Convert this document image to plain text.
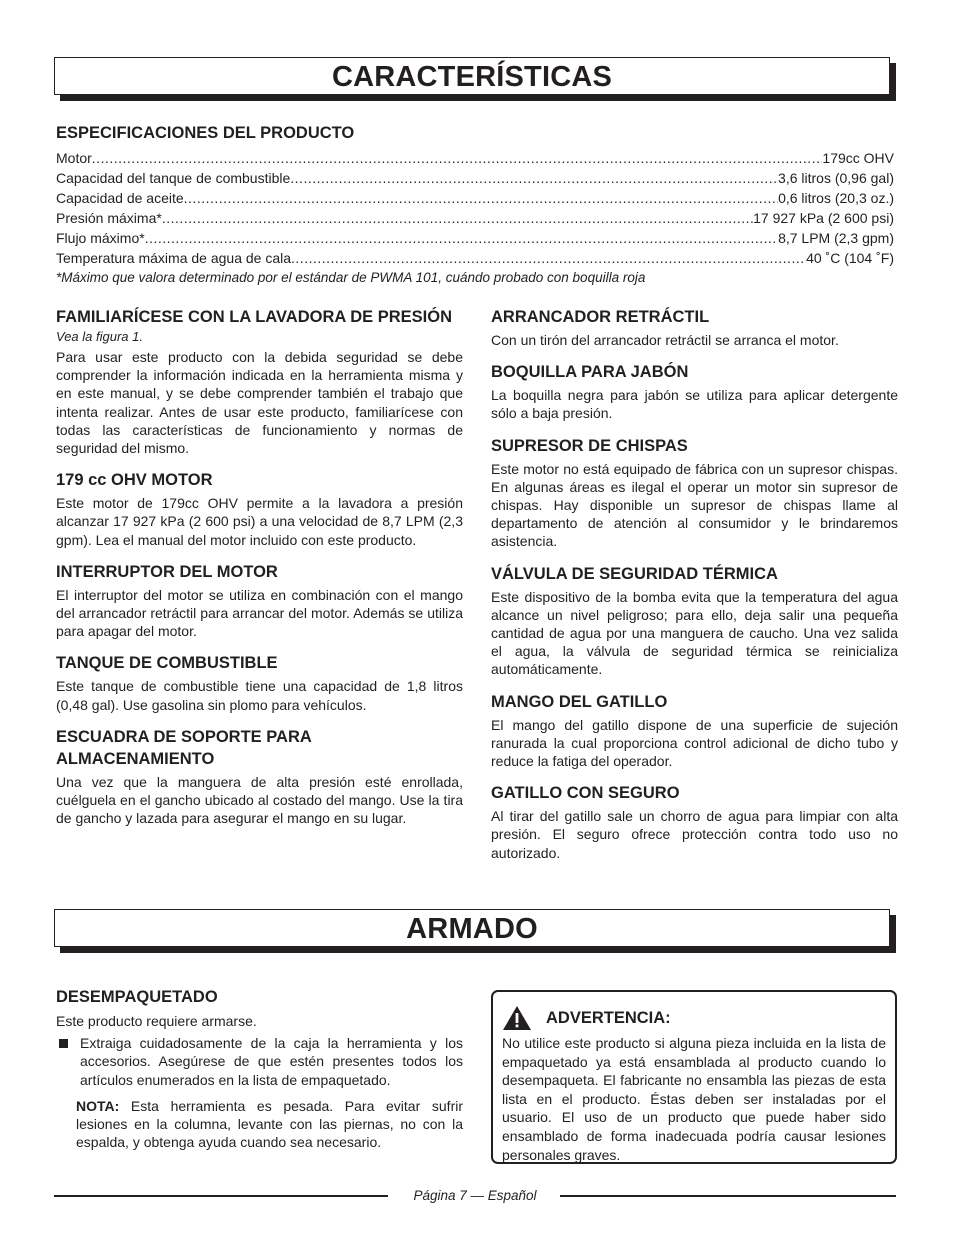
CARACTERÍSTICAS
ESPECIFICACIONES DEL PRODUCTO
Motor .....	179cc OHV
Capacidad del tanque de combustible .....	3,6 litros (0,96 gal)
Capacidad de aceite .....	0,6 litros (20,3 oz.)
Presión máxima* .....	17 927 kPa (2 600 psi)
Flujo máximo* .....	8,7 LPM (2,3 gpm)
Temperatura máxima de agua de cala .....	40 ˚C (104 ˚F)
*Máximo que valora determinado por el estándar de PWMA 101, cuándo probado con boquilla roja
FAMILIARÍCESE CON LA LAVADORA DE PRESIÓN

Vea la figura 1.

Para usar este producto con la debida seguridad se debe comprender la información indicada en la herramienta misma y en este manual, y se debe comprender también el trabajo que intenta realizar. Antes de usar este producto, familiarícese con todas las características de funcionamiento y normas de seguridad del mismo.

179 cc OHV MOTOR

Este motor de 179cc OHV permite a la lavadora a presión alcanzar 17 927 kPa (2 600 psi) a una velocidad de 8,7 LPM (2,3 gpm). Lea el manual del motor incluido con este producto.

INTERRUPTOR DEL MOTOR

El interruptor del motor se utiliza en combinación con el mango del arrancador retráctil para arrancar del motor. Además se utiliza para apagar del motor.

TANQUE DE COMBUSTIBLE

Este tanque de combustible tiene una capacidad de 1,8 litros (0,48 gal). Use gasolina sin plomo para vehículos.

ESCUADRA DE SOPORTE PARA ALMACENAMIENTO

Una vez que la manguera de alta presión esté enrollada, cuélguela en el gancho ubicado al costado del mango. Use la tira de gancho y lazada para asegurar el mango en su lugar.

ARRANCADOR RETRÁCTIL

Con un tirón del arrancador retráctil se arranca el motor.

BOQUILLA PARA JABÓN

La boquilla negra para jabón se utiliza para aplicar detergente sólo a baja presión.

SUPRESOR DE CHISPAS

Este motor no está equipado de fábrica con un supresor chispas. En algunas áreas es ilegal el operar un motor sin supresor de chispas. Hay disponible un supresor de chispas llame al departamento de atención al consumidor y le brindaremos asistencia.

VÁLVULA DE SEGURIDAD TÉRMICA

Este dispositivo de la bomba evita que la temperatura del agua alcance un nivel peligroso; para ello, deja salir una pequeña cantidad de agua por una manguera de caucho. Una vez salida el agua, la válvula de seguridad térmica se reinicializa automáticamente.

MANGO DEL GATILLO

El mango del gatillo dispone de una superficie de sujeción ranurada la cual proporciona control adicional de dicho tubo y reduce la fatiga del operador.

GATILLO CON SEGURO

Al tirar del gatillo sale un chorro de agua para limpiar con alta presión. El seguro ofrece protección contra todo uso no autorizado.

ARMADO
DESEMPAQUETADO

Este producto requiere armarse.

Extraiga cuidadosamente de la caja la herramienta y los accesorios. Asegúrese de que estén presentes todos los artículos enumerados en la lista de empaquetado.

NOTA: Esta herramienta es pesada. Para evitar sufrir lesiones en la columna, levante con las piernas, no con la espalda, y obtenga ayuda cuando sea necesario.

ADVERTENCIA:

No utilice este producto si alguna pieza incluida en la lista de empaquetado ya está ensamblada al producto cuando lo desempaqueta. El fabricante no ensambla las piezas de esta lista en el producto. Éstas deben ser instaladas por el usuario. El uso de un producto que puede haber sido ensamblado de forma inadecuada podría causar lesiones personales graves.

Página 7 — Español
